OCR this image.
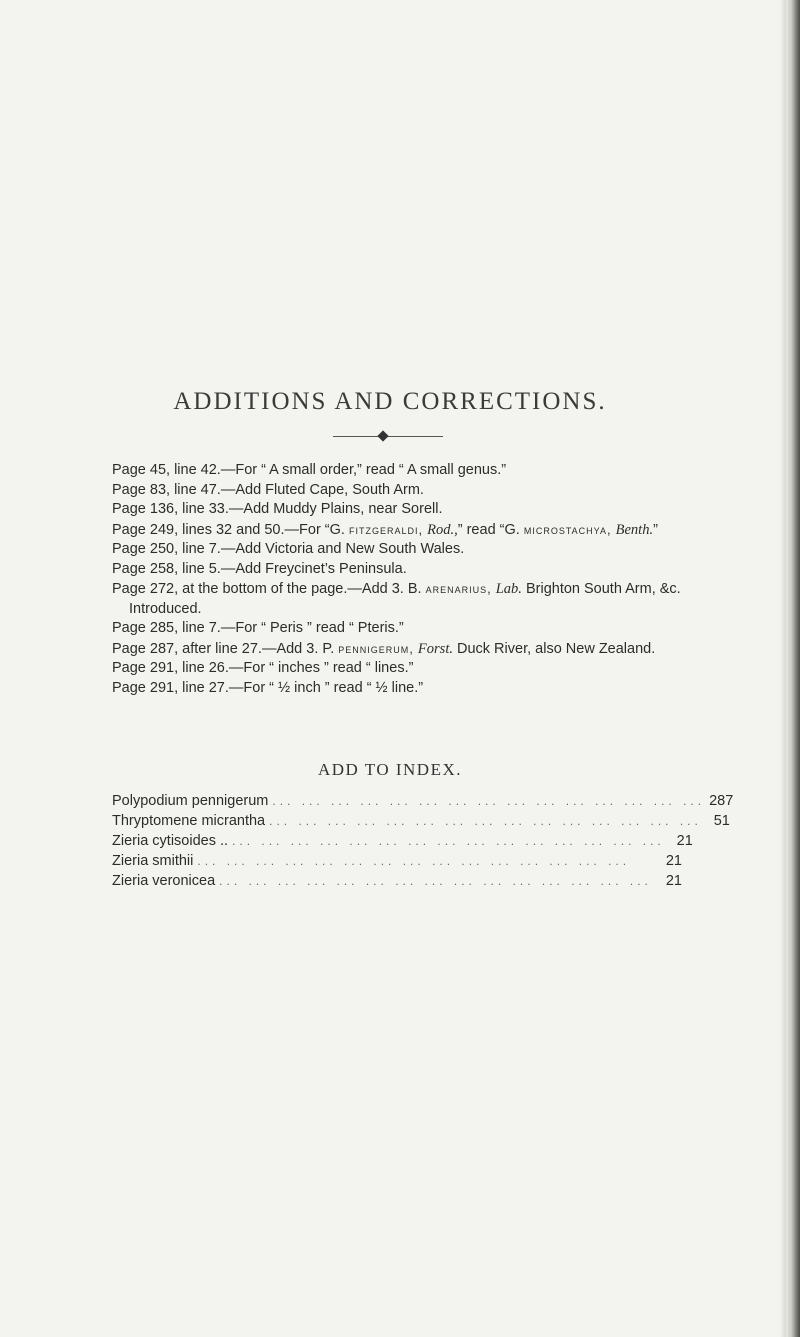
ADDITIONS AND CORRECTIONS.
Page 45, line 42.—For “ A small order,” read “ A small genus.”
Page 83, line 47.—Add Fluted Cape, South Arm.
Page 136, line 33.—Add Muddy Plains, near Sorell.
Page 249, lines 32 and 50.—For “G. fitzgeraldi, Rod.,” read “G. microstachya, Benth.”
Page 250, line 7.—Add Victoria and New South Wales.
Page 258, line 5.—Add Freycinet’s Peninsula.
Page 272, at the bottom of the page.—Add 3. B. arenarius, Lab. Brighton South Arm, &c. Introduced.
Page 285, line 7.—For “ Peris ” read “ Pteris.”
Page 287, after line 27.—Add 3. P. pennigerum, Forst. Duck River, also New Zealand.
Page 291, line 26.—For “ inches ” read “ lines.”
Page 291, line 27.—For “ ½ inch ” read “ ½ line.”
ADD TO INDEX.
Polypodium pennigerum ... ... ... ... ... ... ... ... ... ... ... ... ... ... ... 287
Thryptomene micrantha ... ... ... ... ... ... ... ... ... ... ... ... ... ... ... 51
Zieria cytisoides .. ... ... ... ... ... ... ... ... ... ... ... ... ... ... ... 21
Zieria smithii ... ... ... ... ... ... ... ... ... ... ... ... ... ... ...	21
Zieria veronicea ... ... ... ... ... ... ... ... ... ... ... ... ... ... ... 21
